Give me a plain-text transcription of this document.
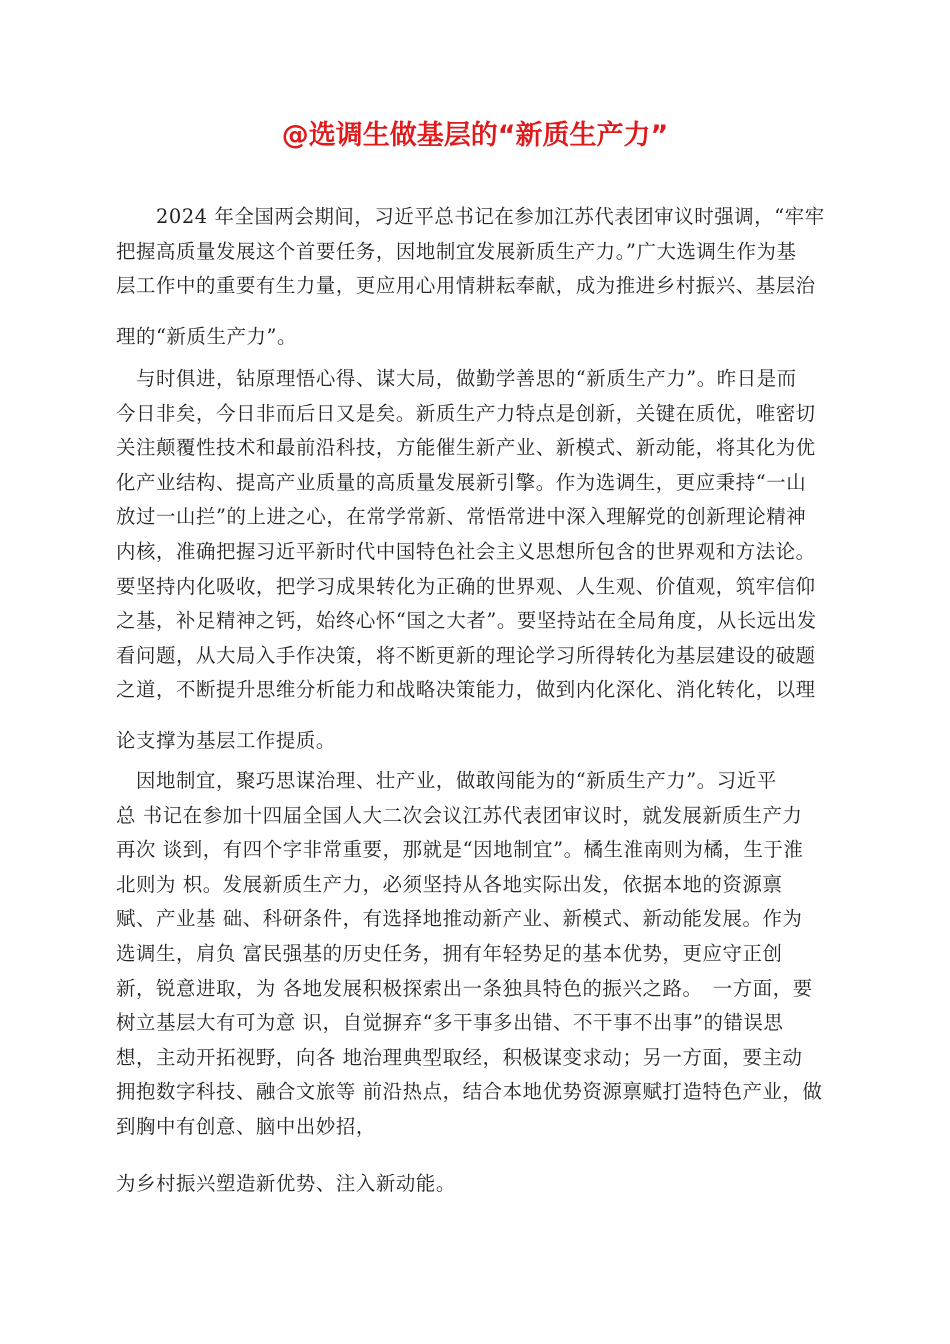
@选调生做基层的“新质生产力”

　　2024 年全国两会期间，习近平总书记在参加江苏代表团审议时强调，“牢牢
把握高质量发展这个首要任务，因地制宜发展新质生产力。”广大选调生作为基
层工作中的重要有生力量，更应用心用情耕耘奉献，成为推进乡村振兴、基层治
理的“新质生产力”。

　与时俱进，钻原理悟心得、谋大局，做勤学善思的“新质生产力”。昨日是而
今日非矣，今日非而后日又是矣。新质生产力特点是创新，关键在质优，唯密切
关注颠覆性技术和最前沿科技，方能催生新产业、新模式、新动能，将其化为优
化产业结构、提高产业质量的高质量发展新引擎。作为选调生，更应秉持“一山
放过一山拦”的上进之心，在常学常新、常悟常进中深入理解党的创新理论精神
内核，准确把握习近平新时代中国特色社会主义思想所包含的世界观和方法论。
要坚持内化吸收，把学习成果转化为正确的世界观、人生观、价值观，筑牢信仰
之基，补足精神之钙，始终心怀“国之大者”。要坚持站在全局角度，从长远出发
看问题，从大局入手作决策，将不断更新的理论学习所得转化为基层建设的破题
之道，不断提升思维分析能力和战略决策能力，做到内化深化、消化转化，以理
论支撑为基层工作提质。

　因地制宜，聚巧思谋治理、壮产业，做敢闯能为的“新质生产力”。习近平
总 书记在参加十四届全国人大二次会议江苏代表团审议时，就发展新质生产力
再次 谈到，有四个字非常重要，那就是“因地制宜”。橘生淮南则为橘，生于淮
北则为 枳。发展新质生产力，必须坚持从各地实际出发，依据本地的资源禀
赋、产业基 础、科研条件，有选择地推动新产业、新模式、新动能发展。作为
选调生，肩负 富民强基的历史任务，拥有年轻势足的基本优势，更应守正创
新，锐意进取，为 各地发展积极探索出一条独具特色的振兴之路。　一方面，要
树立基层大有可为意 识，自觉摒弃“多干事多出错、不干事不出事”的错误思
想，主动开拓视野，向各 地治理典型取经，积极谋变求动；另一方面，要主动
拥抱数字科技、融合文旅等 前沿热点，结合本地优势资源禀赋打造特色产业，做
到胸中有创意、脑中出妙招，
为乡村振兴塑造新优势、注入新动能。
